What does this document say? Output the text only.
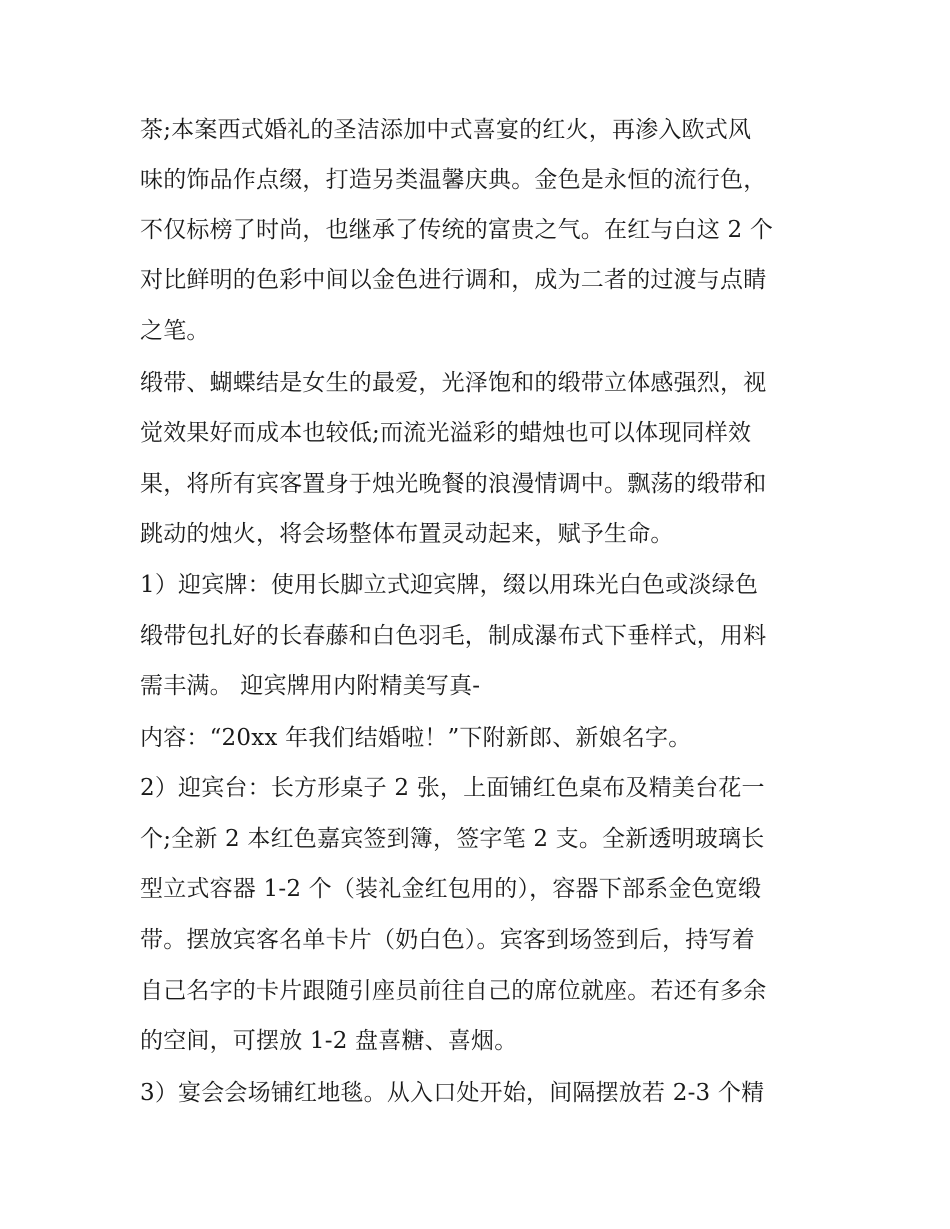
茶;本案西式婚礼的圣洁添加中式喜宴的红火，再渗入欧式风
味的饰品作点缀，打造另类温馨庆典。金色是永恒的流行色，
不仅标榜了时尚，也继承了传统的富贵之气。在红与白这 2 个
对比鲜明的色彩中间以金色进行调和，成为二者的过渡与点睛
之笔。
缎带、蝴蝶结是女生的最爱，光泽饱和的缎带立体感强烈，视
觉效果好而成本也较低;而流光溢彩的蜡烛也可以体现同样效
果，将所有宾客置身于烛光晚餐的浪漫情调中。飘荡的缎带和
跳动的烛火，将会场整体布置灵动起来，赋予生命。
1）迎宾牌：使用长脚立式迎宾牌，缀以用珠光白色或淡绿色
缎带包扎好的长春藤和白色羽毛，制成瀑布式下垂样式，用料
需丰满。 迎宾牌用内附精美写真-
内容：“20xx 年我们结婚啦！”下附新郎、新娘名字。
2）迎宾台：长方形桌子 2 张，上面铺红色桌布及精美台花一
个;全新 2 本红色嘉宾签到簿，签字笔 2 支。全新透明玻璃长
型立式容器 1-2 个（装礼金红包用的），容器下部系金色宽缎
带。摆放宾客名单卡片（奶白色）。宾客到场签到后，持写着
自己名字的卡片跟随引座员前往自己的席位就座。若还有多余
的空间，可摆放 1-2 盘喜糖、喜烟。
3）宴会会场铺红地毯。从入口处开始，间隔摆放若 2-3 个精
